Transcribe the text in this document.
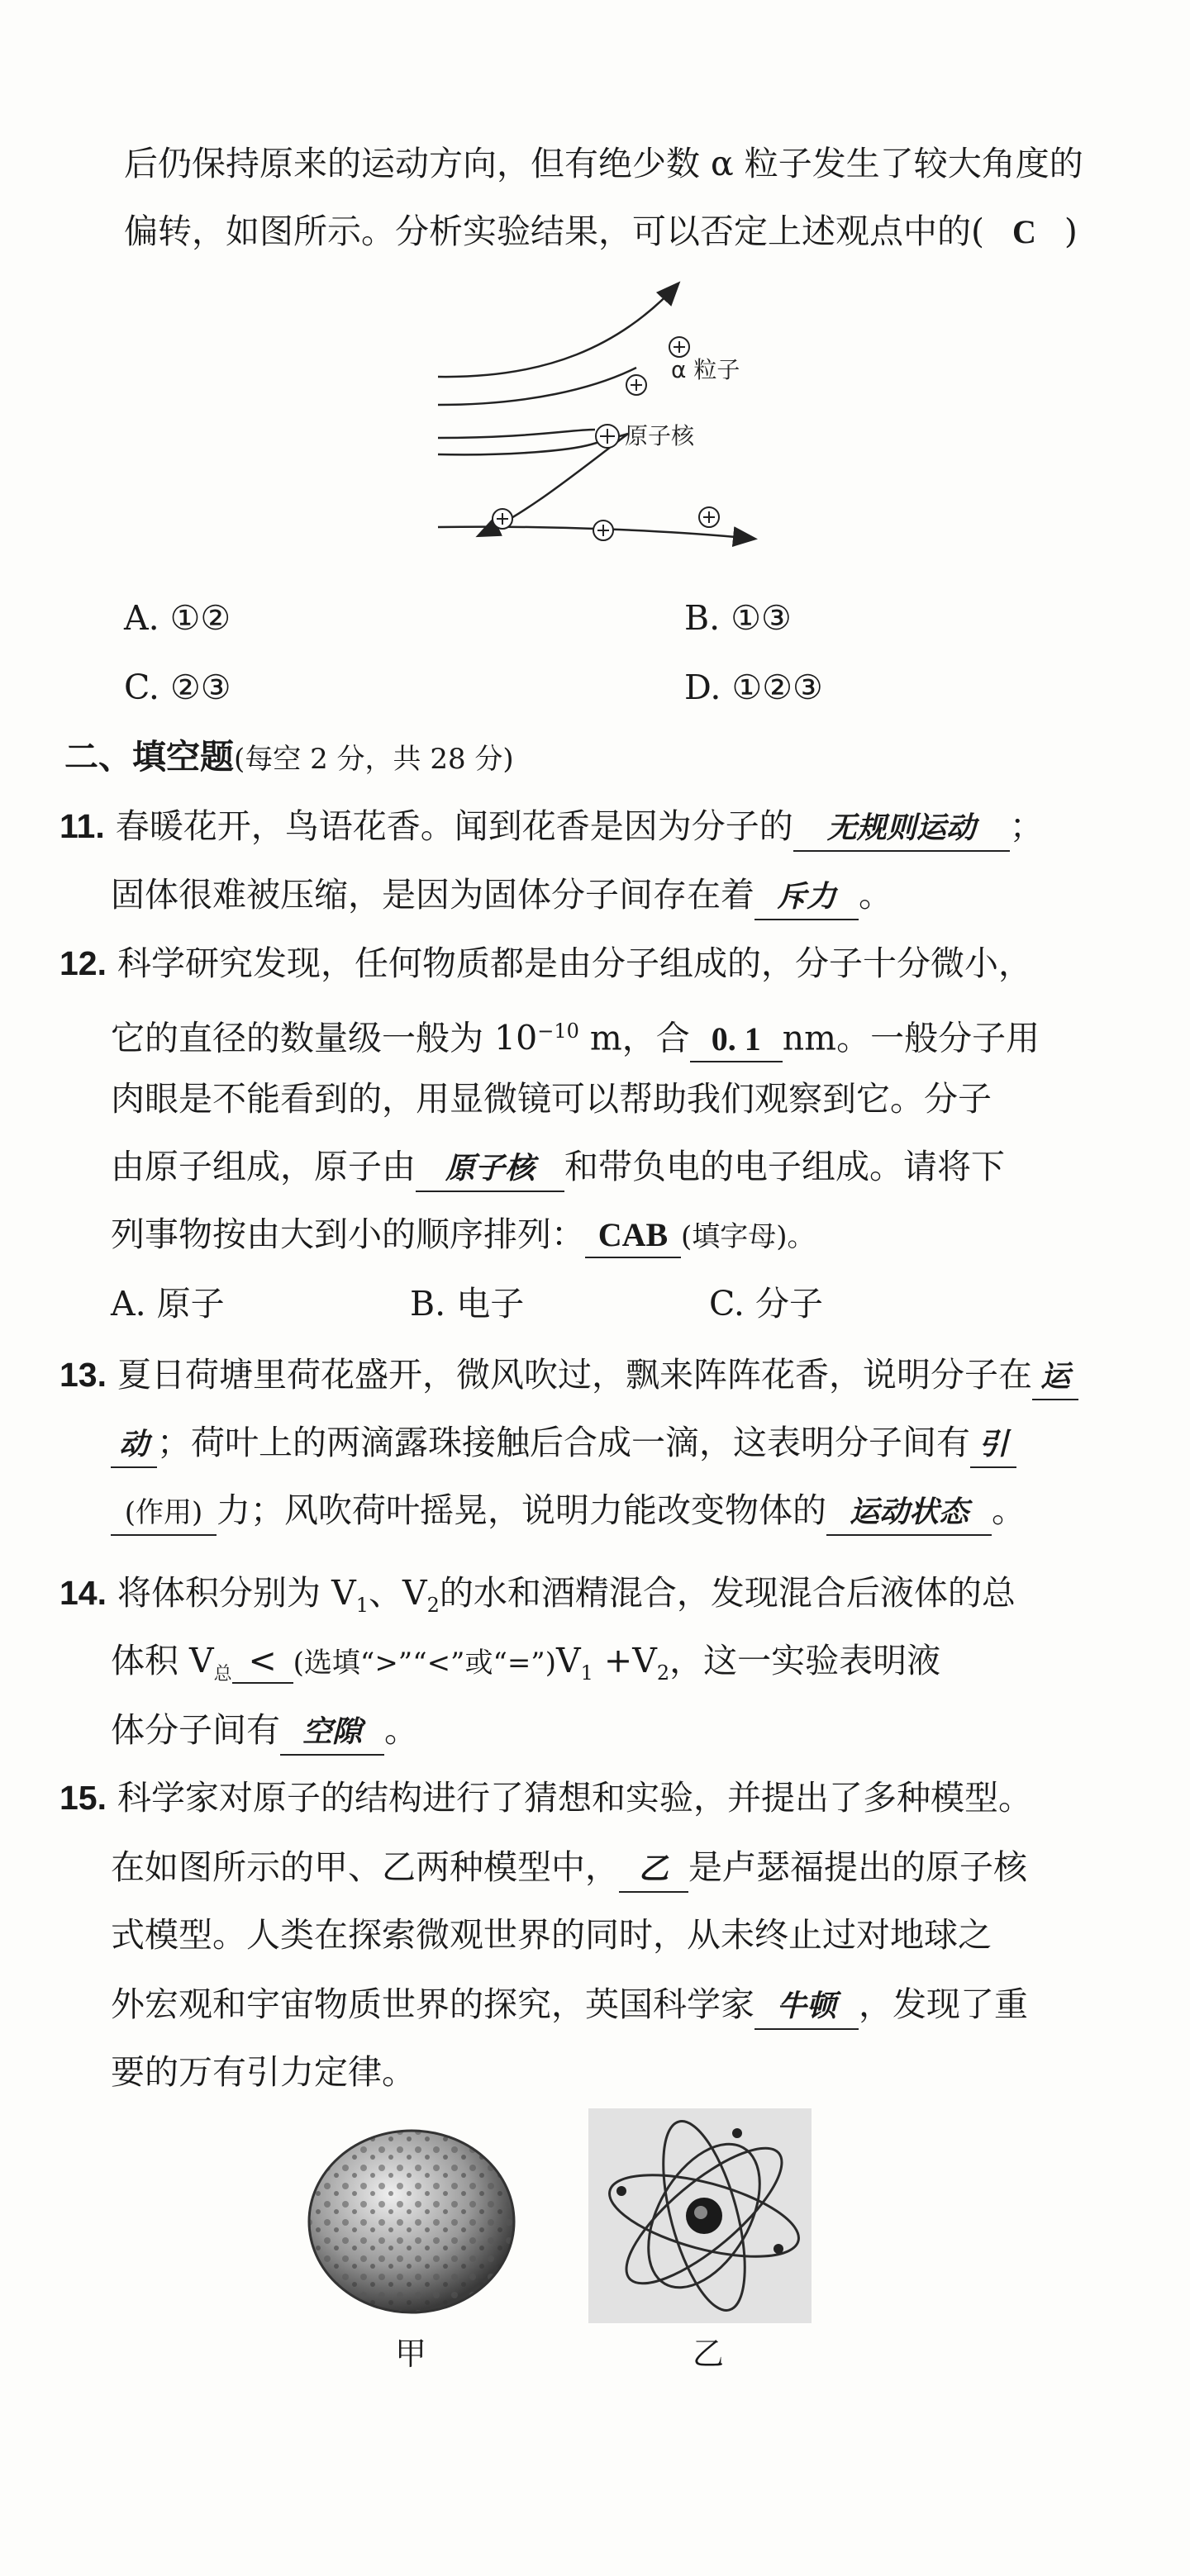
后仍保持原来的运动方向，但有绝少数 α 粒子发生了较大角度的
偏转，如图所示。分析实验结果，可以否定上述观点中的( C )
α 粒子
原子核
A. ①②	B. ①③
C. ②③	D. ①②③
二、填空题(每空 2 分，共 28 分)
11. 春暖花开，鸟语花香。闻到花香是因为分子的 无规则运动 ；
固体很难被压缩，是因为固体分子间存在着 斥力 。
12. 科学研究发现，任何物质都是由分子组成的，分子十分微小，
它的直径的数量级一般为 $10^{-10}$ m，合 0. 1 nm。一般分子用
肉眼是不能看到的，用显微镜可以帮助我们观察到它。分子
由原子组成，原子由 原子核 和带负电的电子组成。请将下
列事物按由大到小的顺序排列： CAB (填字母)。
A. 原子	B. 电子	C. 分子
13. 夏日荷塘里荷花盛开，微风吹过，飘来阵阵花香，说明分子在 运
动 ；荷叶上的两滴露珠接触后合成一滴，这表明分子间有 引
(作用) 力；风吹荷叶摇晃，说明力能改变物体的 运动状态 。
14. 将体积分别为 $V_1$、$V_2$的水和酒精混合，发现混合后液体的总
体积 $V_总$ < (选填“>”“<”或“$=”)V_1 +V_2$，这一实验表明液
体分子间有 空隙 。
15. 科学家对原子的结构进行了猜想和实验，并提出了多种模型。
在如图所示的甲、乙两种模型中， 乙 是卢瑟福提出的原子核
式模型。人类在探索微观世界的同时，从未终止过对地球之
外宏观和宇宙物质世界的探究，英国科学家 牛顿 ，发现了重
要的万有引力定律。
甲	乙
